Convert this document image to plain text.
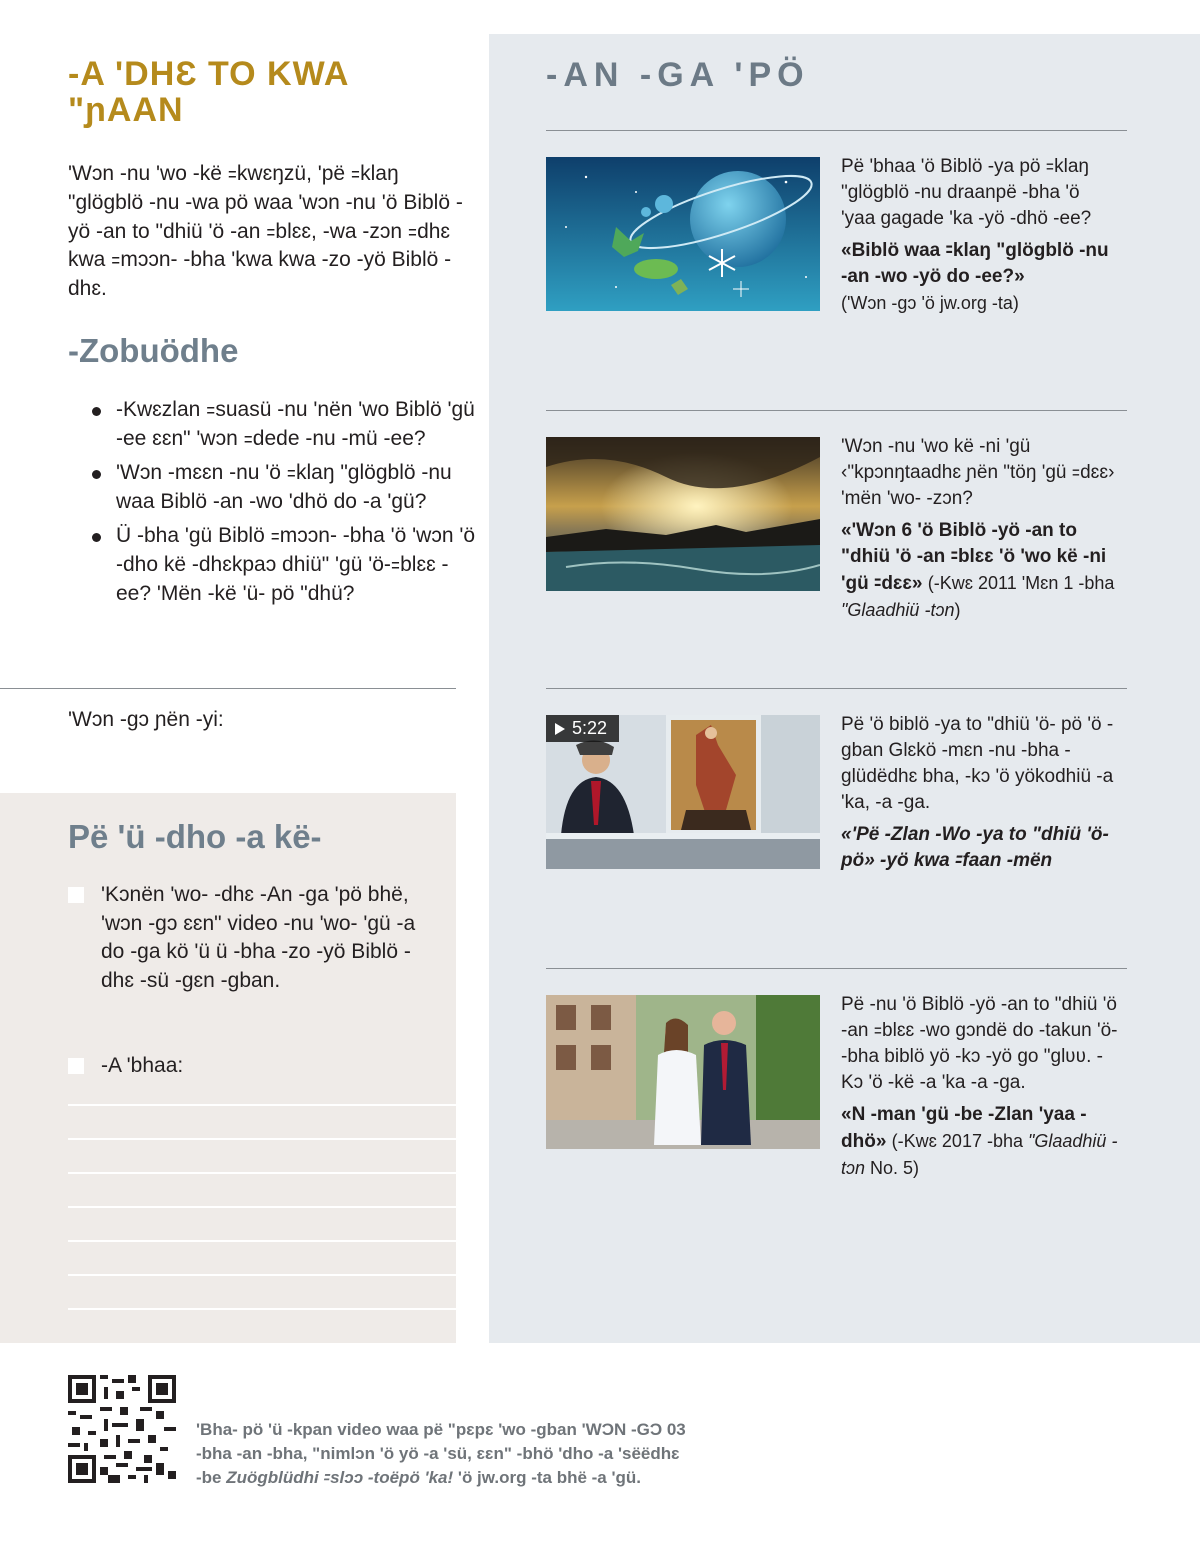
-A 'DHƐ TO KWA "ɲAAN

'Wɔn -nu 'wo -kë ꞊kwɛŋzü, 'pë ꞊klaŋ "glögblö -nu -wa pö waa 'wɔn -nu 'ö Biblö -yö -an to "dhiü 'ö -an ꞊blɛɛ, -wa -zɔn ꞊dhɛ kwa ꞊mɔɔn- -bha 'kwa kwa -zo -yö Biblö -dhɛ.

-Zobuödhe
-Kwɛzlan ꞊suasü -nu 'nën 'wo Biblö 'gü -ee ɛɛn" 'wɔn ꞊dede -nu -mü -ee?
'Wɔn -mɛɛn -nu 'ö ꞊klaŋ "glögblö -nu waa Biblö -an -wo 'dhö do -a 'gü?
Ü -bha 'gü Biblö ꞊mɔɔn- -bha 'ö 'wɔn 'ö -dho kë -dhɛkpaɔ dhiü" 'gü 'ö-꞊blɛɛ -ee? 'Mën -kë 'ü- pö "dhü?
'Wɔn -gɔ ɲën -yi:
Pë 'ü -dho -a kë-
'Kɔnën 'wo- -dhɛ -An -ga 'pö bhë, 'wɔn -gɔ ɛɛn" video -nu 'wo- 'gü -a do -ga kö 'ü ü -bha -zo -yö Biblö -dhɛ -sü -gɛn -gban.
-A 'bhaa:
-AN -GA 'PÖ
Pë 'bhaa 'ö Biblö -ya pö ꞊klaŋ "glögblö -nu draanpë -bha 'ö 'yaa gagade 'ka -yö -dhö -ee?
«Biblö waa ꞊klaŋ "glögblö -nu -an -wo -yö do -ee?»
('Wɔn -gɔ 'ö jw.org -ta)
'Wɔn -nu 'wo kë -ni 'gü ‹"kpɔnŋtaadhɛ ɲën "töŋ 'gü ꞊dɛɛ› 'mën 'wo- -zɔn?
«'Wɔn 6 'ö Biblö -yö -an to "dhiü 'ö -an ꞊blɛɛ 'ö 'wo kë -ni 'gü ꞊dɛɛ» (-Kwɛ 2011 'Mɛn 1 -bha "Glaadhiü -tɔn)
5:22	Pë 'ö biblö -ya to "dhiü 'ö- pö 'ö -gban Glɛkö -mɛn -nu -bha -glüdëdhɛ bha, -kɔ 'ö yökodhiü -a 'ka, -a -ga.
«'Pë -Zlan -Wo -ya to "dhiü 'ö-pö» -yö kwa ꞊faan -mën
Pë -nu 'ö Biblö -yö -an to "dhiü 'ö -an ꞊blɛɛ -wo gɔndë do -takun 'ö- -bha biblö yö -kɔ -yö go "glʋʋ. -Kɔ 'ö -kë -a 'ka -a -ga.
«N -man 'gü -be -Zlan 'yaa -dhö» (-Kwɛ 2017 -bha "Glaadhiü -tɔn No. 5)
'Bha- pö 'ü -kpan video waa pë "pɛpɛ 'wo -gban 'WƆN -GƆ 03
-bha -an -bha, "nimlɔn 'ö yö -a 'sü, ɛɛn" -bhö 'dho -a 'sëëdhɛ
-be Zuögblüdhi ꞊slɔɔ -toëpö 'ka! 'ö jw.org -ta bhë -a 'gü.
